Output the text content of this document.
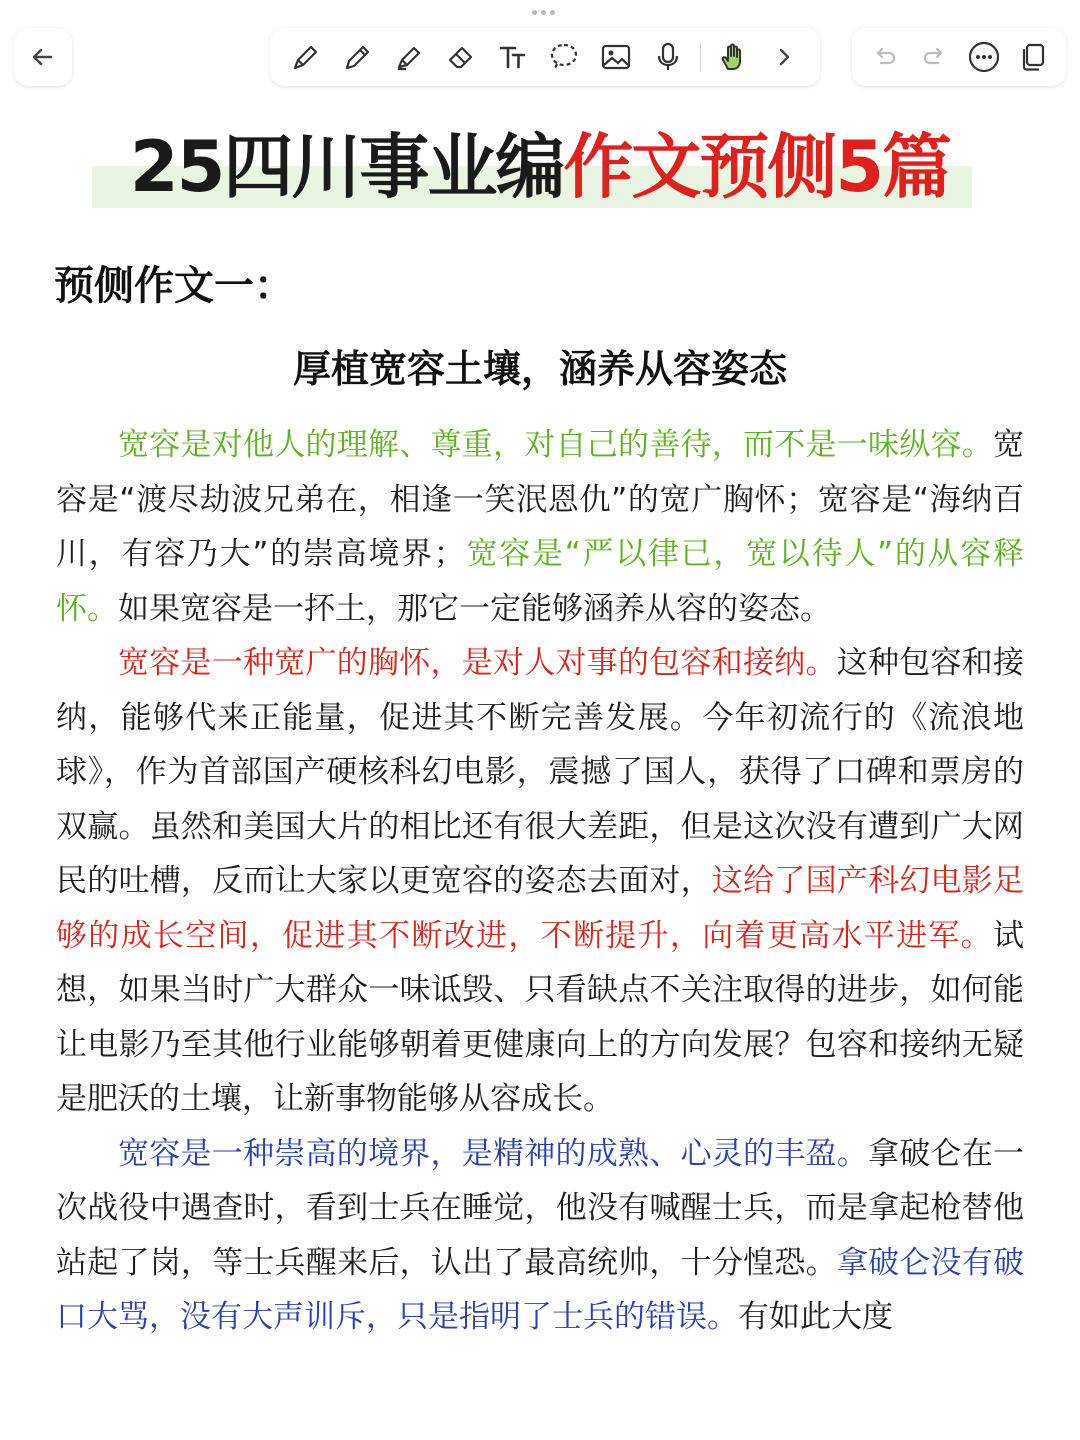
25四川事业编作文预侧5篇
预侧作文一：
厚植宽容土壤，涵养从容姿态

宽容是对他人的理解、尊重，对自己的善待，而不是一味纵容。宽容是“渡尽劫波兄弟在，相逢一笑泯恩仇”的宽广胸怀；宽容是“海纳百川，有容乃大”的崇高境界；宽容是“严以律已，宽以待人”的从容释怀。如果宽容是一抔土，那它一定能够涵养从容的姿态。

宽容是一种宽广的胸怀，是对人对事的包容和接纳。这种包容和接纳，能够代来正能量，促进其不断完善发展。今年初流行的《流浪地球》，作为首部国产硬核科幻电影，震撼了国人，获得了口碑和票房的双赢。虽然和美国大片的相比还有很大差距，但是这次没有遭到广大网民的吐槽，反而让大家以更宽容的姿态去面对，这给了国产科幻电影足够的成长空间，促进其不断改进，不断提升，向着更高水平进军。试想，如果当时广大群众一味诋毁、只看缺点不关注取得的进步，如何能让电影乃至其他行业能够朝着更健康向上的方向发展？包容和接纳无疑是肥沃的土壤，让新事物能够从容成长。

宽容是一种崇高的境界，是精神的成熟、心灵的丰盈。拿破仑在一次战役中遇查时，看到士兵在睡觉，他没有喊醒士兵，而是拿起枪替他站起了岗，等士兵醒来后，认出了最高统帅，十分惶恐。拿破仑没有破口大骂，没有大声训斥，只是指明了士兵的错误。有如此大度
